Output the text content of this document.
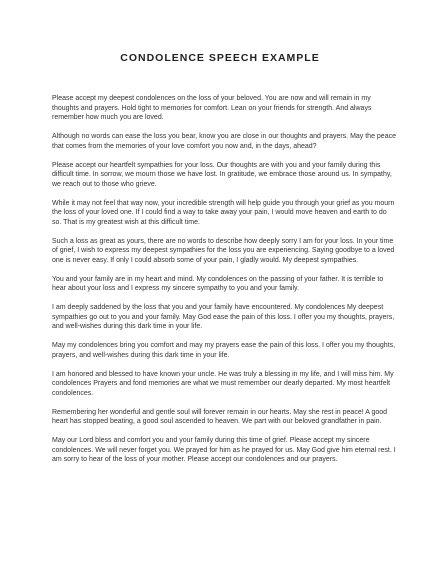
CONDOLENCE SPEECH EXAMPLE

Please accept my deepest condolences on the loss of your beloved. You are now and will remain in my thoughts and prayers. Hold tight to memories for comfort. Lean on your friends for strength. And always remember how much you are loved.

Although no words can ease the loss you bear, know you are close in our thoughts and prayers. May the peace that comes from the memories of your love comfort you now and, in the days, ahead?

Please accept our heartfelt sympathies for your loss. Our thoughts are with you and your family during this difficult time. In sorrow, we mourn those we have lost. In gratitude, we embrace those around us. In sympathy, we reach out to those who grieve.

While it may not feel that way now, your incredible strength will help guide you through your grief as you mourn the loss of your loved one. If I could find a way to take away your pain, I would move heaven and earth to do so. That is my greatest wish at this difficult time.

Such a loss as great as yours, there are no words to describe how deeply sorry I am for your loss. In your time of grief, I wish to express my deepest sympathies for the loss you are experiencing. Saying goodbye to a loved one is never easy. If only I could absorb some of your pain, I gladly would. My deepest sympathies.

You and your family are in my heart and mind. My condolences on the passing of your father. It is terrible to hear about your loss and I express my sincere sympathy to you and your family.

I am deeply saddened by the loss that you and your family have encountered. My condolences My deepest sympathies go out to you and your family. May God ease the pain of this loss. I offer you my thoughts, prayers, and well-wishes during this dark time in your life.

May my condolences bring you comfort and may my prayers ease the pain of this loss. I offer you my thoughts, prayers, and well-wishes during this dark time in your life.

I am honored and blessed to have known your uncle. He was truly a blessing in my life, and I will miss him. My condolences Prayers and fond memories are what we must remember our dearly departed. My most heartfelt condolences.

Remembering her wonderful and gentle soul will forever remain in our hearts. May she rest in peace! A good heart has stopped beating, a good soul ascended to heaven. We part with our beloved grandfather in pain.

May our Lord bless and comfort you and your family during this time of grief. Please accept my sincere condolences. We will never forget you. We prayed for him as he prayed for us. May God give him eternal rest. I am sorry to hear of the loss of your mother. Please accept our condolences and our prayers.
